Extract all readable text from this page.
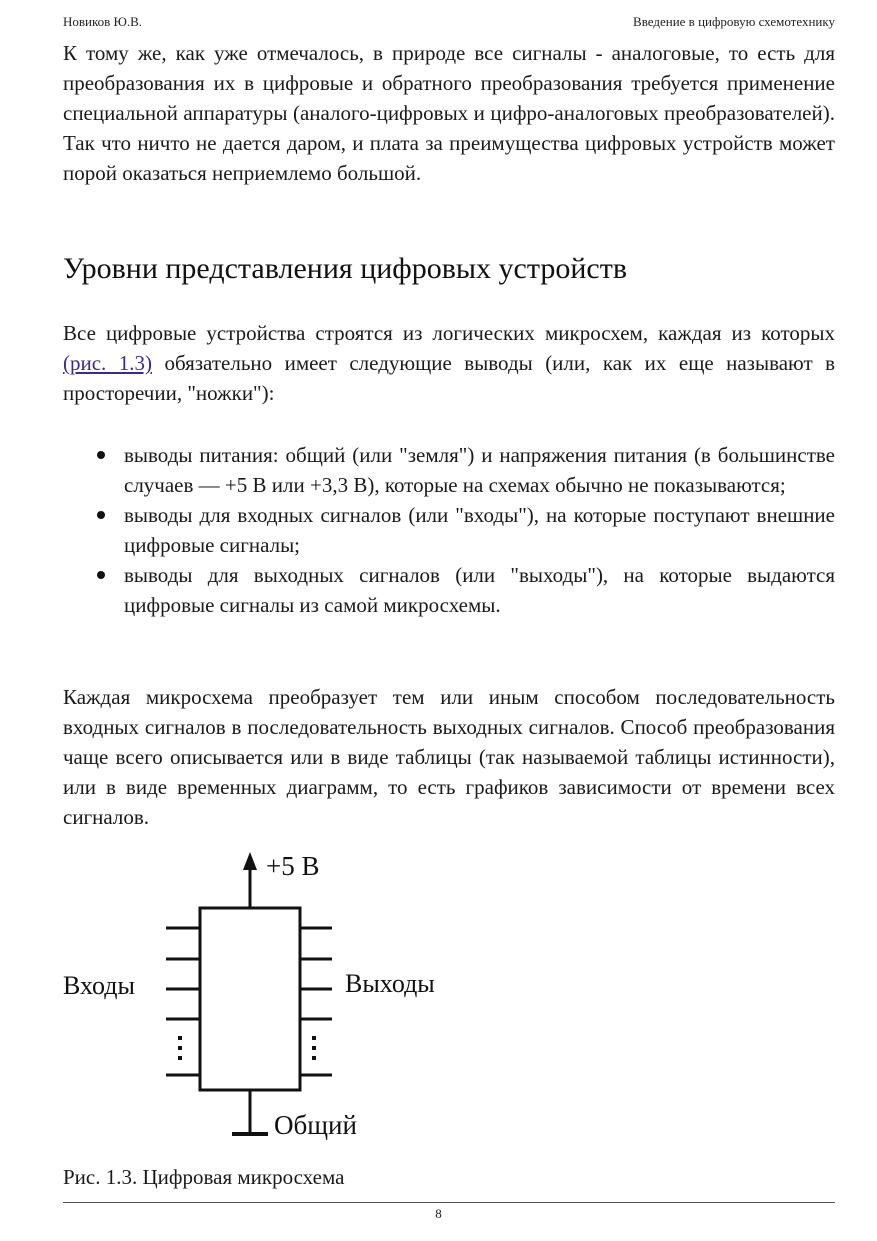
Новиков Ю.В.	Введение в цифровую схемотехнику

К тому же, как уже отмечалось, в природе все сигналы - аналоговые, то есть для преобразования их в цифровые и обратного преобразования требуется применение специальной аппаратуры (аналого-цифровых и цифро-аналоговых преобразователей). Так что ничто не дается даром, и плата за преимущества цифровых устройств может порой оказаться неприемлемо большой.

Уровни представления цифровых устройств

Все цифровые устройства строятся из логических микросхем, каждая из которых (рис. 1.3) обязательно имеет следующие выводы (или, как их еще называют в просторечии, "ножки"):

выводы питания: общий (или "земля") и напряжения питания (в большинстве случаев — +5 В или +3,3 В), которые на схемах обычно не показываются;
выводы для входных сигналов (или "входы"), на которые поступают внешние цифровые сигналы;
выводы для выходных сигналов (или "выходы"), на которые выдаются цифровые сигналы из самой микросхемы.

Каждая микросхема преобразует тем или иным способом последовательность входных сигналов в последовательность выходных сигналов. Способ преобразования чаще всего описывается или в виде таблицы (так называемой таблицы истинности), или в виде временных диаграмм, то есть графиков зависимости от времени всех сигналов.

+5 В
Входы	Выходы
Общий

Рис. 1.3. Цифровая микросхема

8
